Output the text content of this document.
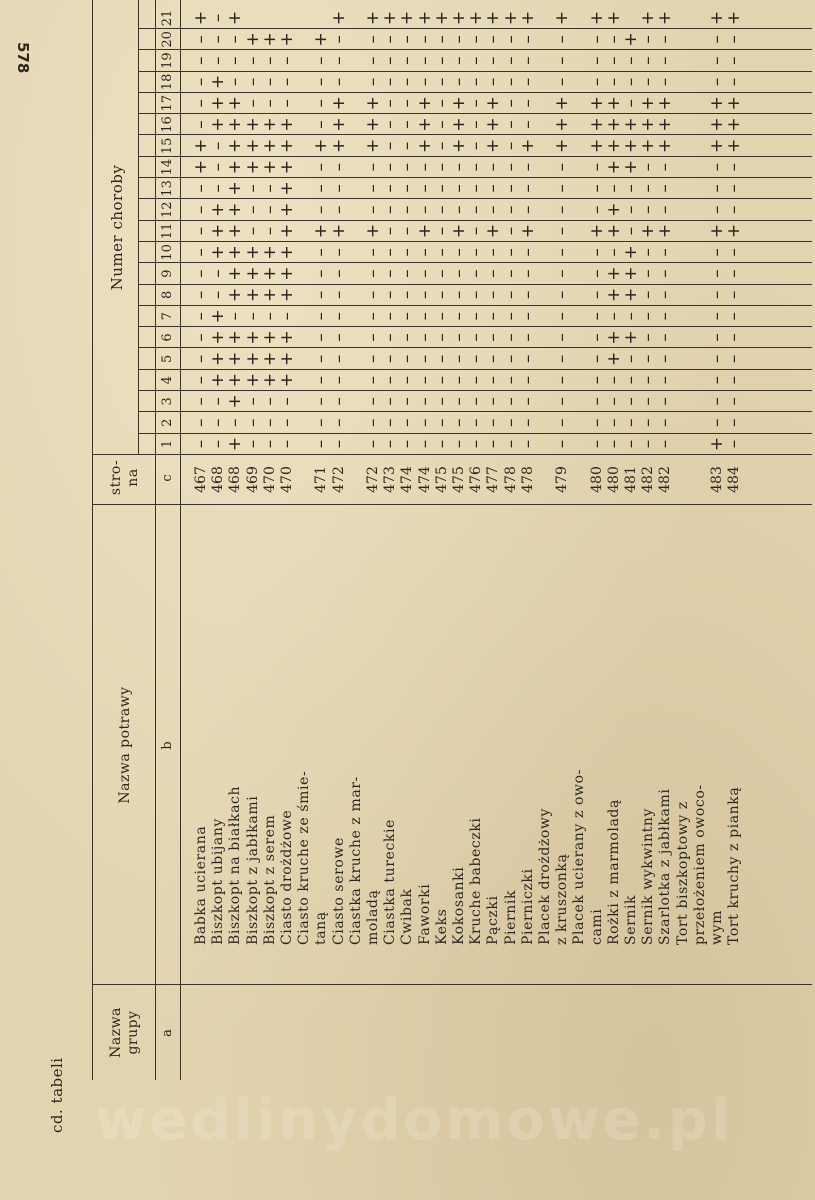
cd. tabeli
Nazwa grupy
Nazwa potrawy
stro- na
Numer choroby
a
b
c
1
2
3
4
5
6
7
8
9
10
11
12
13
14
15
16
17
18
19
20
21
Babka ucierana
467
–
–
–
–
–
–
–
–
–
–
–
–
–
+
+
–
–
–
–
–
+
Biszkopt ubijany
468
–
–
–
+
+
+
+
–
–
+
+
+
–
–
–
+
+
+
–
–
–
Biszkopt na białkach
468
+
–
+
+
+
+
–
+
+
+
+
+
+
+
+
+
+
–
–
–
+
Biszkopt z jabłkami
469
–
–
–
+
+
+
–
+
+
+
–
–
–
+
+
+
–
–
–
+
Biszkopt z serem
470
–
–
–
+
+
+
–
+
+
+
–
–
–
+
+
+
–
–
–
+
Ciasto drożdżowe
470
–
–
–
+
+
+
–
+
+
+
+
+
+
+
+
+
–
–
–
+
Ciasto kruche ze śmie- taną
471
–
–
–
–
–
–
–
–
–
–
+
–
–
–
+
–
–
–
–
+
Ciasto serowe
472
–
–
–
–
–
–
–
–
–
–
+
–
–
–
+
+
+
–
–
–
+
Ciastka kruche z mar- moladą
472
–
–
–
–
–
–
–
–
–
–
+
–
–
–
+
+
+
–
–
–
+
Ciastka tureckie
473
–
–
–
–
–
–
–
–
–
–
–
–
–
–
–
–
–
–
–
–
+
Cwibak
474
–
–
–
–
–
–
–
–
–
–
–
–
–
–
–
–
–
–
–
–
+
Faworki
474
–
–
–
–
–
–
–
–
–
–
+
–
–
–
+
+
+
–
–
–
+
Keks
475
–
–
–
–
–
–
–
–
–
–
–
–
–
–
–
–
–
–
–
–
+
Kokosanki
475
–
–
–
–
–
–
–
–
–
–
+
–
–
–
+
+
+
–
–
–
+
Kruche babeczki
476
–
–
–
–
–
–
–
–
–
–
–
–
–
–
–
–
–
–
–
–
+
Pączki
477
–
–
–
–
–
–
–
–
–
–
+
–
–
–
+
+
+
–
–
–
+
Piernik
478
–
–
–
–
–
–
–
–
–
–
–
–
–
–
–
–
–
–
–
–
+
Pierniczki
478
–
–
–
–
–
–
–
–
–
–
+
–
–
–
+
–
–
–
–
–
+
Placek drożdżowy z kruszonką
479
–
–
–
–
–
–
–
–
–
–
–
–
–
–
+
+
+
–
–
–
+
Placek ucierany z owo- cami
480
–
–
–
–
–
–
–
–
–
–
+
–
–
–
+
+
+
–
–
–
+
Rożki z marmoladą
480
–
–
–
–
+
+
–
+
+
–
+
+
–
+
+
+
+
–
–
–
+
Sernik
481
–
–
–
–
–
+
–
+
+
+
–
–
–
+
+
+
–
–
–
+
Sernik wykwintny
482
–
–
–
–
–
–
–
–
–
–
+
–
–
–
+
+
+
–
–
–
+
Szarlotka z jabłkami
482
–
–
–
–
–
–
–
–
–
–
+
–
–
–
+
+
+
–
–
–
+
Tort biszkoptowy z przełożeniem owoco- wym
483
+
–
–
–
–
–
–
–
–
–
+
–
–
–
+
+
+
–
–
–
+
Tort kruchy z pianką
484
–
–
–
–
–
–
–
–
–
–
+
–
–
–
+
+
+
–
–
–
+
578
wedlinydomowe.pl
